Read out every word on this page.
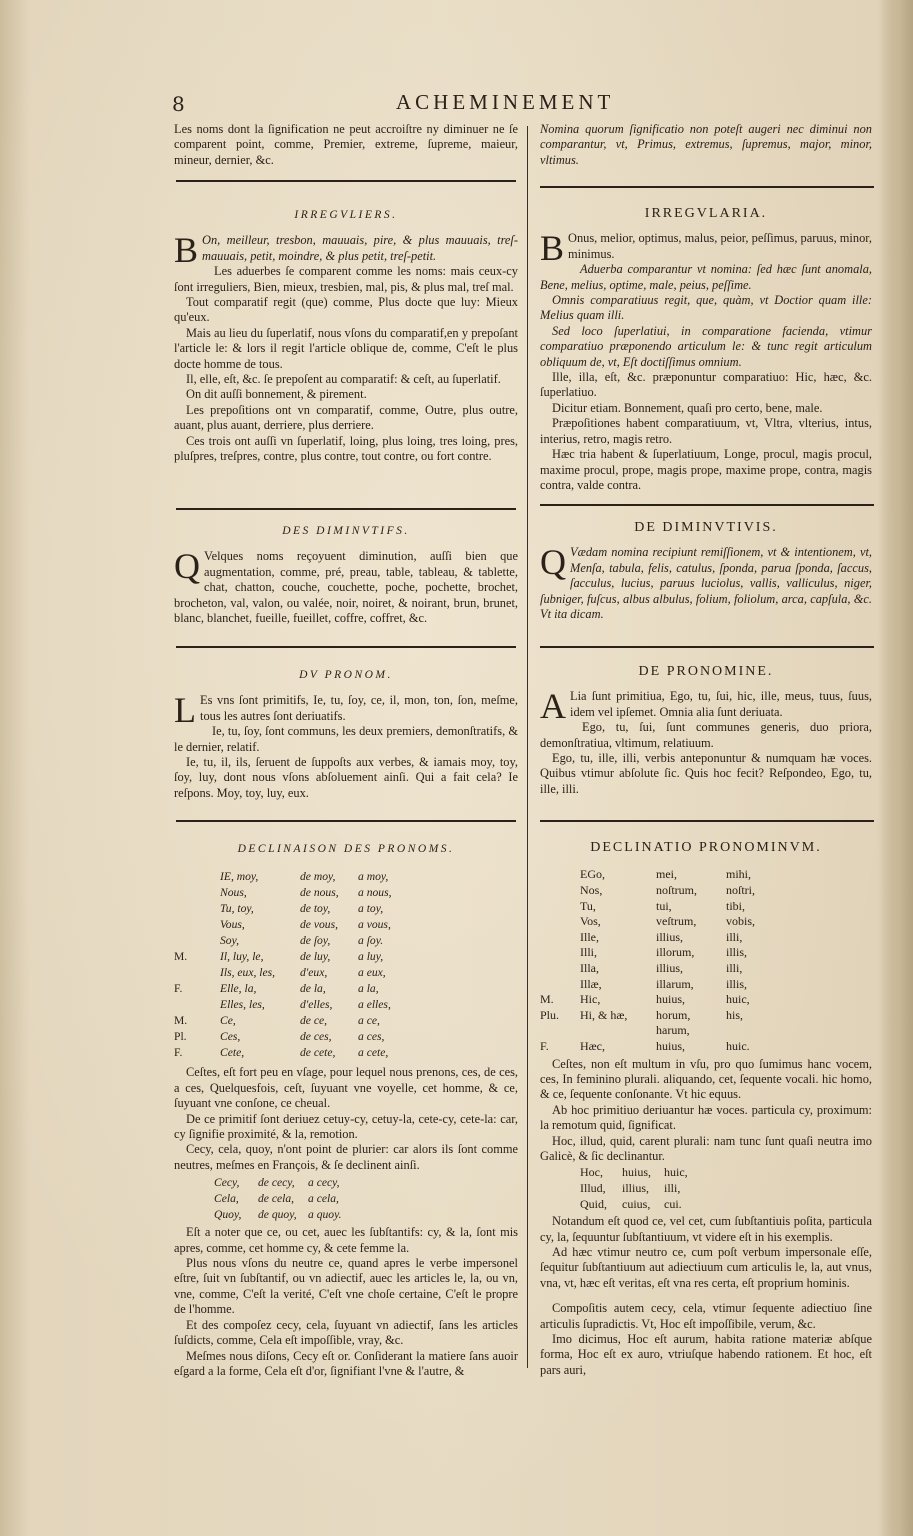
8	ACHEMINEMENT

Les noms dont la ſignification ne peut accroiſtre ny diminuer ne ſe comparent point, comme, Premier, extreme, ſupreme, maieur, mineur, dernier, &c.

IRREGVLIERS.
B On, meilleur, tresbon, mauuais, pire, & plus mauuais, treſ-mauuais, petit, moindre, & plus petit, treſ-petit.

Les aduerbes ſe comparent comme les noms: mais ceux-cy ſont irreguliers, Bien, mieux, tresbien, mal, pis, & plus mal, treſ mal.

Tout comparatif regit (que) comme, Plus docte que luy: Mieux qu'eux.

Mais au lieu du ſuperlatif, nous vſons du comparatif,en y prepoſant l'article le: & lors il regit l'article oblique de, comme, C'eſt le plus docte homme de tous.

Il, elle, eſt, &c. ſe prepoſent au comparatif: & ceſt, au ſuperlatif.

On dit auſſi bonnement, & pirement.

Les prepoſitions ont vn comparatif, comme, Outre, plus outre, auant, plus auant, derriere, plus derriere.

Ces trois ont auſſi vn ſuperlatif, loing, plus loing, tres loing, pres, pluſpres, treſpres, contre, plus contre, tout contre, ou fort contre.

DES DIMINVTIFS.
Q Velques noms reçoyuent diminution, auſſi bien que augmentation, comme, pré, preau, table, tableau, & tablette, chat, chatton, couche, couchette, poche, pochette, brochet, brocheton, val, valon, ou valée, noir, noiret, & noirant, brun, brunet, blanc, blanchet, fueille, fueillet, coffre, coffret, &c.

DV PRONOM.
L Es vns ſont primitifs, Ie, tu, ſoy, ce, il, mon, ton, ſon, meſme, tous les autres ſont deriuatifs.

Ie, tu, ſoy, ſont communs, les deux premiers, demonſtratifs, & le dernier, relatif.

Ie, tu, il, ils, ſeruent de ſuppoſts aux verbes, & iamais moy, toy, ſoy, luy, dont nous vſons abſoluement ainſi. Qui a fait cela? Ie reſpons. Moy, toy, luy, eux.

DECLINAISON DES PRONOMS.
	IE, moy,	de moy,	a moy,
	Nous,	de nous,	a nous,
	Tu, toy,	de toy,	a toy,
	Vous,	de vous,	a vous,
	Soy,	de ſoy,	a ſoy.
M.	Il, luy, le,	de luy,	a luy,
	Ils, eux, les,	d'eux,	a eux,
F.	Elle, la,	de la,	a la,
	Elles, les,	d'elles,	a elles,
M.	Ce,	de ce,	a ce,
Pl.	Ces,	de ces,	a ces,
F.	Cete,	de cete,	a cete,

Ceſtes, eſt fort peu en vſage, pour lequel nous prenons, ces, de ces, a ces, Quelquesfois, ceſt, ſuyuant vne voyelle, cet homme, & ce, ſuyuant vne conſone, ce cheual.

De ce primitif ſont deriuez cetuy-cy, cetuy-la, cete-cy, cete-la: car, cy ſignifie proximité, & la, remotion.

Cecy, cela, quoy, n'ont point de plurier: car alors ils ſont comme neutres, meſmes en François, & ſe declinent ainſi.

Cecy,	de cecy,	a cecy,
Cela,	de cela,	a cela,
Quoy,	de quoy,	a quoy.

Eſt a noter que ce, ou cet, auec les ſubſtantifs: cy, & la, ſont mis apres, comme, cet homme cy, & cete femme la.

Plus nous vſons du neutre ce, quand apres le verbe impersonel eſtre, ſuit vn ſubſtantif, ou vn adiectif, auec les articles le, la, ou vn, vne, comme, C'eſt la verité, C'eſt vne choſe certaine, C'eſt le propre de l'homme.

Et des compoſez cecy, cela, ſuyuant vn adiectif, ſans les articles ſuſdicts, comme, Cela eſt impoſſible, vray, &c.

Meſmes nous diſons, Cecy eſt or. Conſiderant la matiere ſans auoir eſgard a la forme, Cela eſt d'or, ſignifiant l'vne & l'autre, &

Nomina quorum ſignificatio non poteſt augeri nec diminui non comparantur, vt, Primus, extremus, ſupremus, major, minor, vltimus.

IRREGVLARIA.
B Onus, melior, optimus, malus, peior, peſſimus, paruus, minor, minimus.

Aduerba comparantur vt nomina: ſed hæc ſunt anomala, Bene, melius, optime, male, peius, peſſime.

Omnis comparatiuus regit, que, quàm, vt Doctior quam ille: Melius quam illi.

Sed loco ſuperlatiui, in comparatione facienda, vtimur comparatiuo præponendo articulum le: & tunc regit articulum obliquum de, vt, Eſt doctiſſimus omnium.

Ille, illa, eſt, &c. præponuntur comparatiuo: Hic, hæc, &c. ſuperlatiuo.

Dicitur etiam. Bonnement, quaſi pro certo, bene, male.

Præpoſitiones habent comparatiuum, vt, Vltra, vlterius, intus, interius, retro, magis retro.

Hæc tria habent & ſuperlatiuum, Longe, procul, magis procul, maxime procul, prope, magis prope, maxime prope, contra, magis contra, valde contra.

DE DIMINVTIVIS.
Q Vædam nomina recipiunt remiſſionem, vt & intentionem, vt, Menſa, tabula, felis, catulus, ſponda, parua ſponda, ſaccus, ſacculus, lucius, paruus luciolus, vallis, valliculus, niger, ſubniger, fuſcus, albus albulus, folium, foliolum, arca, capſula, &c. Vt ita dicam.

DE PRONOMINE.
A Lia ſunt primitiua, Ego, tu, ſui, hic, ille, meus, tuus, ſuus, idem vel ipſemet. Omnia alia ſunt deriuata.

Ego, tu, ſui, ſunt communes generis, duo priora, demonſtratiua, vltimum, relatiuum.

Ego, tu, ille, illi, verbis anteponuntur & numquam hæ voces. Quibus vtimur abſolute ſic. Quis hoc fecit? Reſpondeo, Ego, tu, ille, illi.

DECLINATIO PRONOMINVM.
	EGo,	mei,	mihi,
	Nos,	noſtrum,	noſtri,
	Tu,	tui,	tibi,
	Vos,	veſtrum,	vobis,

	Ille,	illius,	illi,
	Illi,	illorum,	illis,
	Illa,	illius,	illi,
	Illæ,	illarum,	illis,
M.	Hic,	huius,	huic,
Plu.	Hi, & hæ,	horum, harum,	his,
F.	Hæc,	huius,	huic.

Ceſtes, non eſt multum in vſu, pro quo ſumimus hanc vocem, ces, In feminino plurali. aliquando, cet, ſequente vocali. hic homo, & ce, ſequente conſonante. Vt hic equus.

Ab hoc primitiuo deriuantur hæ voces. particula cy, proximum: la remotum quid, ſignificat.

Hoc, illud, quid, carent plurali: nam tunc ſunt quaſi neutra imo Galicè, & ſic declinantur.

Hoc,	huius,	huic,
Illud,	illius,	illi,
Quid,	cuius,	cui.

Notandum eſt quod ce, vel cet, cum ſubſtantiuis poſita, particula cy, la, ſequuntur ſubſtantiuum, vt videre eſt in his exemplis.

Ad hæc vtimur neutro ce, cum poſt verbum impersonale eſſe, ſequitur ſubſtantiuum aut adiectiuum cum articulis le, la, aut vnus, vna, vt, hæc eſt veritas, eſt vna res certa, eſt proprium hominis.

Compoſitis autem cecy, cela, vtimur ſequente adiectiuo ſine articulis ſupradictis. Vt, Hoc eſt impoſſibile, verum, &c.

Imo dicimus, Hoc eſt aurum, habita ratione materiæ abſque forma, Hoc eſt ex auro, vtriuſque habendo rationem. Et hoc, eſt pars auri,
